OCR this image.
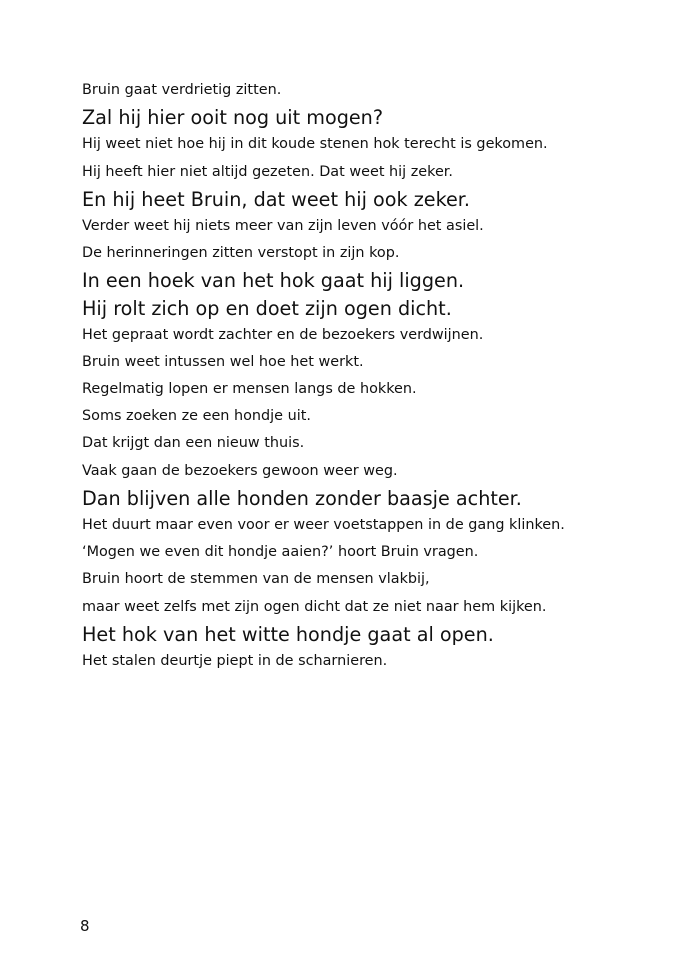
Bruin gaat verdrietig zitten.

Zal hij hier ooit nog uit mogen?

Hij weet niet hoe hij in dit koude stenen hok terecht is gekomen.

Hij heeft hier niet altijd gezeten. Dat weet hij zeker.

En hij heet Bruin, dat weet hij ook zeker.

Verder weet hij niets meer van zijn leven vóór het asiel.

De herinneringen zitten verstopt in zijn kop.

In een hoek van het hok gaat hij liggen.

Hij rolt zich op en doet zijn ogen dicht.

Het gepraat wordt zachter en de bezoekers verdwijnen.

Bruin weet intussen wel hoe het werkt.

Regelmatig lopen er mensen langs de hokken.

Soms zoeken ze een hondje uit.

Dat krijgt dan een nieuw thuis.

Vaak gaan de bezoekers gewoon weer weg.

Dan blijven alle honden zonder baasje achter.

Het duurt maar even voor er weer voetstappen in de gang klinken.

‘Mogen we even dit hondje aaien?’ hoort Bruin vragen.

Bruin hoort de stemmen van de mensen vlakbij,

maar weet zelfs met zijn ogen dicht dat ze niet naar hem kijken.

Het hok van het witte hondje gaat al open.

Het stalen deurtje piept in de scharnieren.

8
